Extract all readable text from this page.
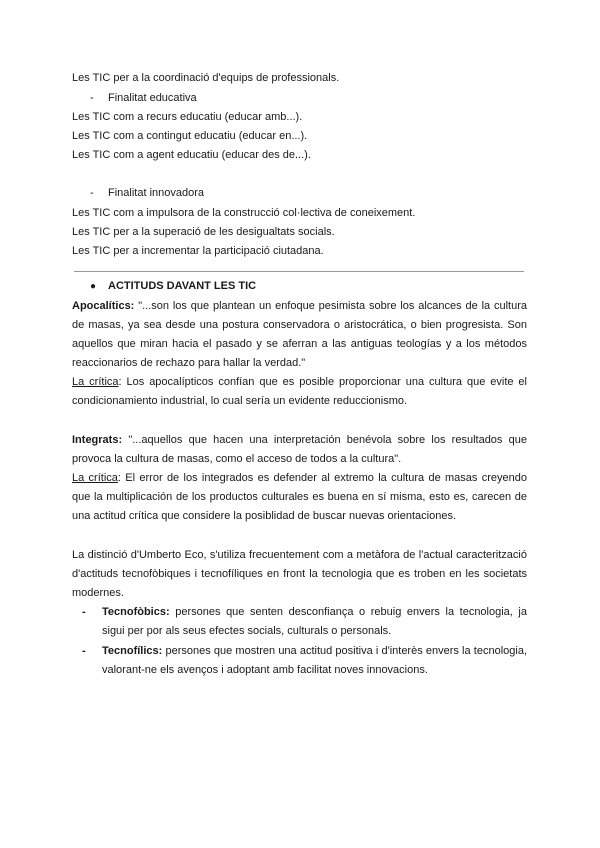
Les TIC per a la coordinació d'equips de professionals.
- Finalitat educativa
Les TIC com a recurs educatiu (educar amb...).
Les TIC com a contingut educatiu (educar en...).
Les TIC com a agent educatiu (educar des de...).
- Finalitat innovadora
Les TIC com a impulsora de la construcció col·lectiva de coneixement.
Les TIC per a la superació de les desigualtats socials.
Les TIC per a incrementar la participació ciutadana.
● ACTITUDS DAVANT LES TIC
Apocalítics: "...son los que plantean un enfoque pesimista sobre los alcances de la cultura de masas, ya sea desde una postura conservadora o aristocrática, o bien progresista. Son aquellos que miran hacia el pasado y se aferran a las antiguas teologías y a los métodos reaccionarios de rechazo para hallar la verdad."
La crítica: Los apocalípticos confían que es posible proporcionar una cultura que evite el condicionamiento industrial, lo cual sería un evidente reduccionismo.
Integrats: "...aquellos que hacen una interpretación benévola sobre los resultados que provoca la cultura de masas, como el acceso de todos a la cultura".
La crítica: El error de los integrados es defender al extremo la cultura de masas creyendo que la multiplicación de los productos culturales es buena en sí misma, esto es, carecen de una actitud crítica que considere la posiblidad de buscar nuevas orientaciones.
La distinció d'Umberto Eco, s'utiliza frecuentement com a metàfora de l'actual caracterització d'actituds tecnofòbiques i tecnofíliques en front la tecnologia que es troben en les societats modernes.
- Tecnofòbics: persones que senten desconfiança o rebuig envers la tecnologia, ja sigui per por als seus efectes socials, culturals o personals.
- Tecnofílics: persones que mostren una actitud positiva i d'interès envers la tecnologia, valorant-ne els avenços i adoptant amb facilitat noves innovacions.
